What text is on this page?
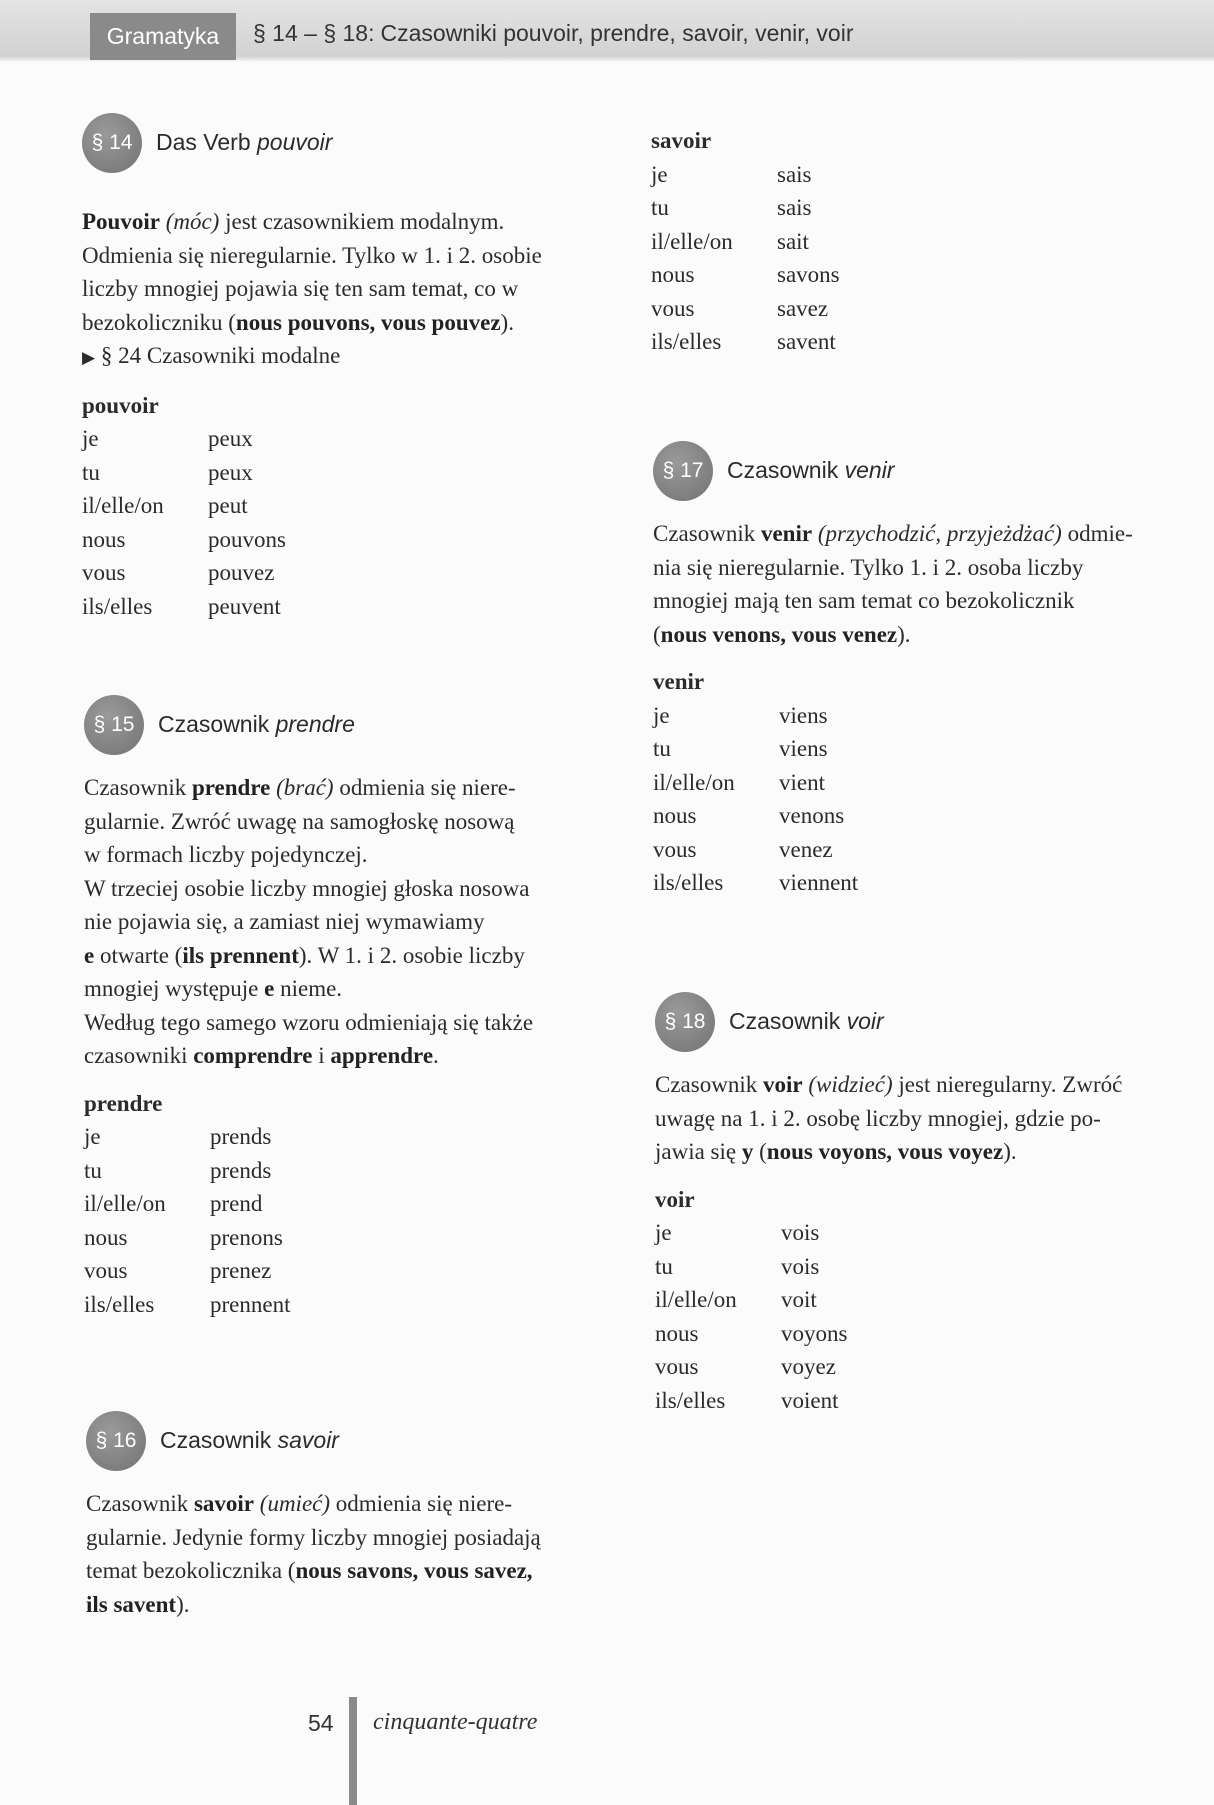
Gramatyka	§ 14 – § 18: Czasowniki pouvoir, prendre, savoir, venir, voir
§ 14	Das Verb pouvoir

Pouvoir (móc) jest czasownikiem modalnym.

Odmienia się nieregularnie. Tylko w 1. i 2. osobie

liczby mnogiej pojawia się ten sam temat, co w

bezokoliczniku (nous pouvons, vous pouvez).

▶ § 24 Czasowniki modalne

pouvoir

je	peux
tu	peux
il/elle/on	peut
nous	pouvons
vous	pouvez
ils/elles	peuvent
§ 15	Czasownik prendre

Czasownik prendre (brać) odmienia się niere-

gularnie. Zwróć uwagę na samogłoskę nosową

w formach liczby pojedynczej.

W trzeciej osobie liczby mnogiej głoska nosowa

nie pojawia się, a zamiast niej wymawiamy

e otwarte (ils prennent). W 1. i 2. osobie liczby

mnogiej występuje e nieme.

Według tego samego wzoru odmieniają się także

czasowniki comprendre i apprendre.

prendre

je	prends
tu	prends
il/elle/on	prend
nous	prenons
vous	prenez
ils/elles	prennent
§ 16	Czasownik savoir

Czasownik savoir (umieć) odmienia się niere-

gularnie. Jedynie formy liczby mnogiej posiadają

temat bezokolicznika (nous savons, vous savez,

ils savent).

savoir

je	sais
tu	sais
il/elle/on	sait
nous	savons
vous	savez
ils/elles	savent
§ 17	Czasownik venir

Czasownik venir (przychodzić, przyjeżdżać) odmie-

nia się nieregularnie. Tylko 1. i 2. osoba liczby

mnogiej mają ten sam temat co bezokolicznik

(nous venons, vous venez).

venir

je	viens
tu	viens
il/elle/on	vient
nous	venons
vous	venez
ils/elles	viennent
§ 18	Czasownik voir

Czasownik voir (widzieć) jest nieregularny. Zwróć

uwagę na 1. i 2. osobę liczby mnogiej, gdzie po-

jawia się y (nous voyons, vous voyez).

voir

je	vois
tu	vois
il/elle/on	voit
nous	voyons
vous	voyez
ils/elles	voient
54 cinquante-quatre
